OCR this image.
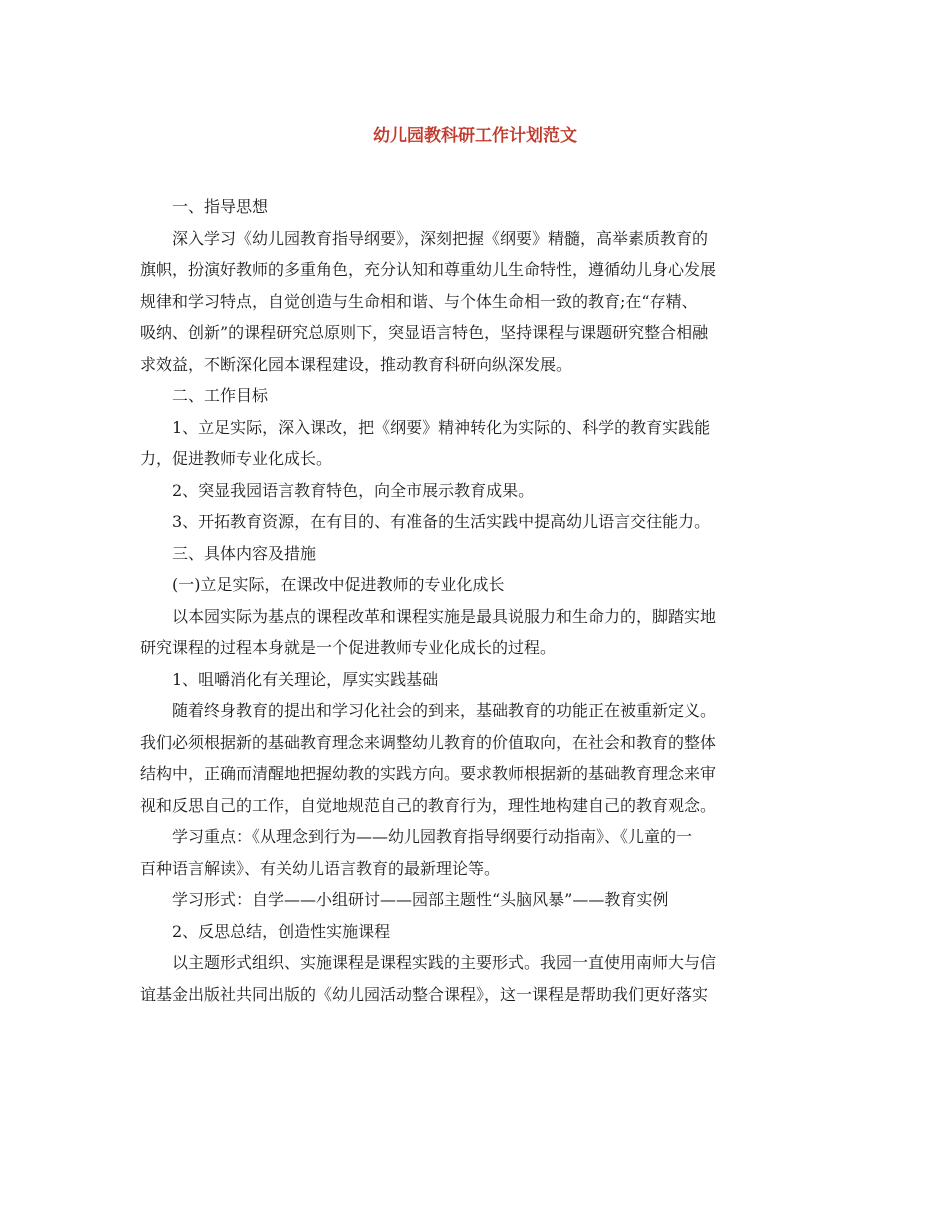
幼儿园教科研工作计划范文
一、指导思想
深入学习《幼儿园教育指导纲要》，深刻把握《纲要》精髓，高举素质教育的
旗帜，扮演好教师的多重角色，充分认知和尊重幼儿生命特性，遵循幼儿身心发展
规律和学习特点，自觉创造与生命相和谐、与个体生命相一致的教育;在“存精、
吸纳、创新”的课程研究总原则下，突显语言特色，坚持课程与课题研究整合相融
求效益，不断深化园本课程建设，推动教育科研向纵深发展。
二、工作目标
1、立足实际，深入课改，把《纲要》精神转化为实际的、科学的教育实践能
力，促进教师专业化成长。
2、突显我园语言教育特色，向全市展示教育成果。
3、开拓教育资源，在有目的、有准备的生活实践中提高幼儿语言交往能力。
三、具体内容及措施
(一)立足实际，在课改中促进教师的专业化成长
以本园实际为基点的课程改革和课程实施是最具说服力和生命力的，脚踏实地
研究课程的过程本身就是一个促进教师专业化成长的过程。
1、咀嚼消化有关理论，厚实实践基础
随着终身教育的提出和学习化社会的到来，基础教育的功能正在被重新定义。
我们必须根据新的基础教育理念来调整幼儿教育的价值取向，在社会和教育的整体
结构中，正确而清醒地把握幼教的实践方向。要求教师根据新的基础教育理念来审
视和反思自己的工作，自觉地规范自己的教育行为，理性地构建自己的教育观念。
学习重点：《从理念到行为——幼儿园教育指导纲要行动指南》、《儿童的一
百种语言解读》、有关幼儿语言教育的最新理论等。
学习形式：自学——小组研讨——园部主题性“头脑风暴”——教育实例
2、反思总结，创造性实施课程
以主题形式组织、实施课程是课程实践的主要形式。我园一直使用南师大与信
谊基金出版社共同出版的《幼儿园活动整合课程》，这一课程是帮助我们更好落实
